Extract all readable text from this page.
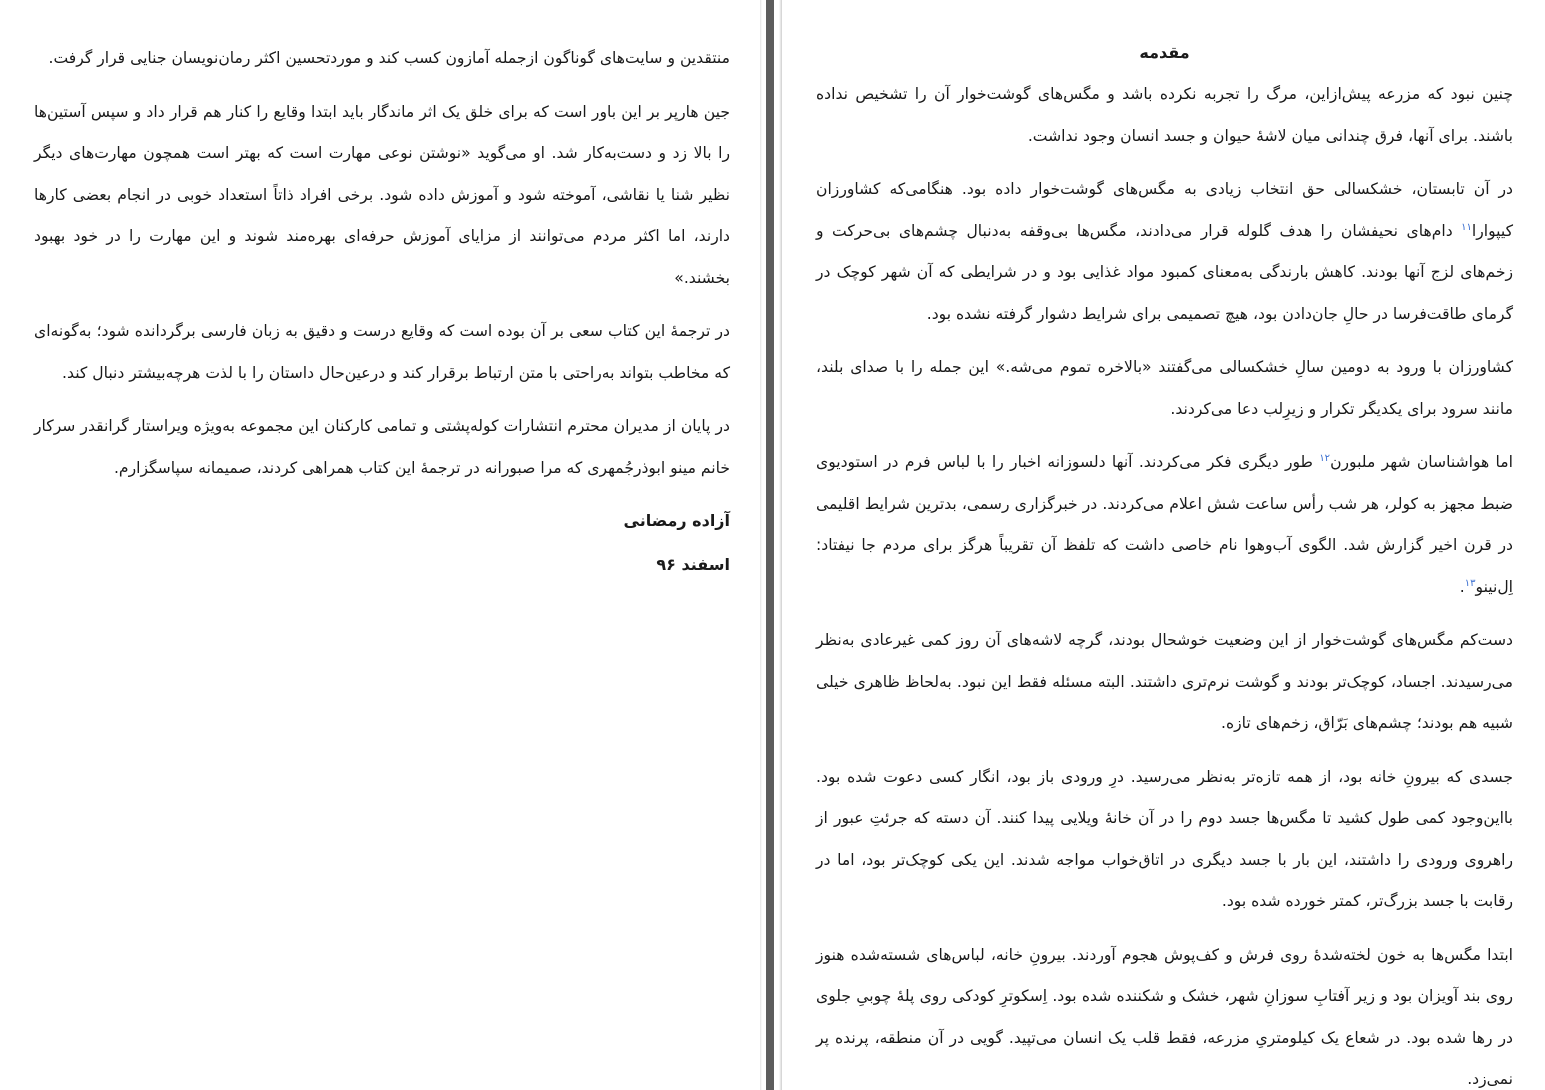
منتقدین و سایت‌های گوناگون ازجمله آمازون کسب کند و موردتحسین اکثر رمان‌نویسان جنایی قرار گرفت.

جین هارپر بر این باور است که برای خلق یک اثر ماندگار باید ابتدا وقایع را کنار هم قرار داد و سپس آستین‌ها را بالا زد و دست‌به‌کار شد. او می‌گوید «نوشتن نوعی مهارت است که بهتر است همچون مهارت‌های دیگر نظیر شنا یا نقاشی، آموخته شود و آموزش داده شود. برخی افراد ذاتاً استعداد خوبی در انجام بعضی کارها دارند، اما اکثر مردم می‌توانند از مزایای آموزش حرفه‌ای بهره‌مند شوند و این مهارت را در خود بهبود بخشند.»

در ترجمهٔ این کتاب سعی بر آن بوده است که وقایع درست و دقیق به زبان فارسی برگردانده شود؛ به‌گونه‌ای که مخاطب بتواند به‌راحتی با متن ارتباط برقرار کند و درعین‌حال داستان را با لذت هرچه‌بیشتر دنبال کند.

در پایان از مدیران محترم انتشارات کوله‌پشتی و تمامی کارکنان این مجموعه به‌ویژه ویراستار گرانقدر سرکار خانم مینو ابوذرجُمهری که مرا صبورانه در ترجمهٔ این کتاب همراهی کردند، صمیمانه سپاسگزارم.

آزاده رمضانی
اسفند ۹۶
مقدمه

چنین نبود که مزرعه پیش‌ازاین، مرگ را تجربه نکرده باشد و مگس‌های گوشت‌خوار آن را تشخیص نداده باشند. برای آنها، فرق چندانی میان لاشهٔ حیوان و جسد انسان وجود نداشت.

در آن تابستان، خشکسالی حق انتخاب زیادی به مگس‌های گوشت‌خوار داده بود. هنگامی‌که کشاورزان کیپوارا$^{۱۱}$ دام‌های نحیفشان را هدف گلوله قرار می‌دادند، مگس‌ها بی‌وقفه به‌دنبال چشم‌های بی‌حرکت و زخم‌های لزج آنها بودند. کاهش بارندگی به‌معنای کمبود مواد غذایی بود و در شرایطی که آن شهر کوچک در گرمای طاقت‌فرسا در حالِ جان‌دادن بود، هیچ تصمیمی برای شرایط دشوار گرفته نشده بود.

کشاورزان با ورود به دومین سالِ خشکسالی می‌گفتند «بالاخره تموم می‌شه.» این جمله را با صدای بلند، مانند سرود برای یکدیگر تکرار و زیرِلب دعا می‌کردند.

اما هواشناسان شهر ملبورن$^{۱۲}$ طور دیگری فکر می‌کردند. آنها دلسوزانه اخبار را با لباس فرم در استودیوی ضبط مجهز به کولر، هر شب رأس ساعت شش اعلام می‌کردند. در خبرگزاری رسمی، بدترین شرایط اقلیمی در قرن اخیر گزارش شد. الگوی آب‌وهوا نام خاصی داشت که تلفظ آن تقریباً هرگز برای مردم جا نیفتاد: اِل‌نینو$^{۱۳}$.

دست‌کم مگس‌های گوشت‌خوار از این وضعیت خوشحال بودند، گرچه لاشه‌های آن روز کمی غیرعادی به‌نظر می‌رسیدند. اجساد، کوچک‌تر بودند و گوشت نرم‌تری داشتند. البته مسئله فقط این نبود. به‌لحاظ ظاهری خیلی شبیه هم بودند؛ چشم‌های بَرّاق، زخم‌های تازه.

جسدی که بیرونِ خانه بود، از همه تازه‌تر به‌نظر می‌رسید. درِ ورودی باز بود، انگار کسی دعوت شده بود. بااین‌وجود کمی طول کشید تا مگس‌ها جسد دوم را در آن خانهٔ ویلایی پیدا کنند. آن دسته که جرئتِ عبور از راهروی ورودی را داشتند، این بار با جسد دیگری در اتاق‌خواب مواجه شدند. این یکی کوچک‌تر بود، اما در رقابت با جسد بزرگ‌تر، کمتر خورده شده بود.

ابتدا مگس‌ها به خون لخته‌شدهٔ روی فرش و کف‌پوش هجوم آوردند. بیرونِ خانه، لباس‌های شسته‌شده هنوز روی بند آویزان بود و زیر آفتابِ سوزانِ شهر، خشک و شکننده شده بود. اِسکوترِ کودکی روی پلهٔ چوبیِ جلوی در رها شده بود. در شعاع یک کیلومتریِ مزرعه، فقط قلب یک انسان می‌تپید. گویی در آن منطقه، پرنده پر نمی‌زد.
